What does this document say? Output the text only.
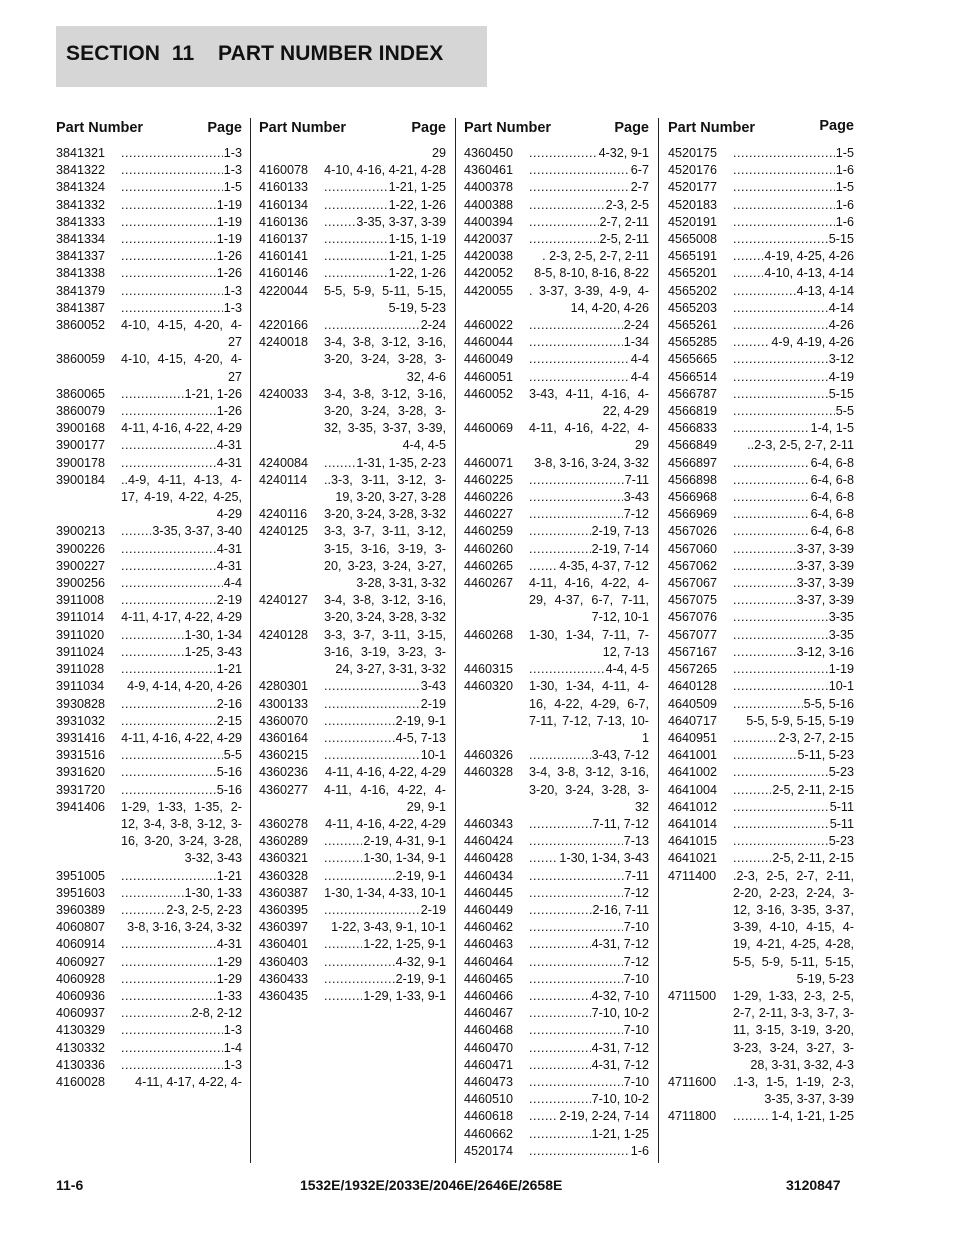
SECTION  11    PART NUMBER INDEX
Part Number	Page
3841321 .....	1-3
3841322 .....	1-3
3841324 .....	1-5
3841332 .....	1-19
3841333 .....	1-19
3841334 .....	1-19
3841337 .....	1-26
3841338 .....	1-26
3841379 .....	1-3
3841387 .....	1-3
3860052 4-10, 4-15, 4-20, 4-27
3860059 4-10, 4-15, 4-20, 4-27
3860065 .....	1-21, 1-26
3860079 .....	1-26
3900168 4-11, 4-16, 4-22, 4-29
3900177 .....	4-31
3900178 .....	4-31
3900184 ..4-9, 4-11, 4-13, 4-17, 4-19, 4-22, 4-25, 4-29
3900213 .....	3-35, 3-37, 3-40
3900226 .....	4-31
3900227 .....	4-31
3900256 .....	4-4
3911008 .....	2-19
3911014 4-11, 4-17, 4-22, 4-29
3911020 .....	1-30, 1-34
3911024 .....	1-25, 3-43
3911028 .....	1-21
3911034	4-9, 4-14, 4-20, 4-26
3930828 .....	2-16
3931032 .....	2-15
3931416 4-11, 4-16, 4-22, 4-29
3931516 .....	5-5
3931620 .....	5-16
3931720 .....	5-16
3941406 1-29, 1-33, 1-35, 2-12, 3-4, 3-8, 3-12, 3-16, 3-20, 3-24, 3-28, 3-32, 3-43
3951005 .....	1-21
3951603 .....	1-30, 1-33
3960389 .....	2-3, 2-5, 2-23
4060807	3-8, 3-16, 3-24, 3-32
4060914 .....	4-31
4060927 .....	1-29
4060928 .....	1-29
4060936 .....	1-33
4060937 .....	2-8, 2-12
4130329 .....	1-3
4130332 .....	1-4
4130336 .....	1-3
4160028	4-11, 4-17, 4-22, 4-
Part Number	Page
29
4160078 4-10, 4-16, 4-21, 4-28
4160133 .....	1-21, 1-25
4160134 .....	1-22, 1-26
4160136 .....	3-35, 3-37, 3-39
4160137 .....	1-15, 1-19
4160141 .....	1-21, 1-25
4160146 .....	1-22, 1-26
4220044 5-5, 5-9, 5-11, 5-15, 5-19, 5-23
4220166 .....	2-24
4240018 3-4, 3-8, 3-12, 3-16, 3-20, 3-24, 3-28, 3-32, 4-6
4240033 3-4, 3-8, 3-12, 3-16, 3-20, 3-24, 3-28, 3-32, 3-35, 3-37, 3-39, 4-4, 4-5
4240084 .....	1-31, 1-35, 2-23
4240114 ..3-3, 3-11, 3-12, 3-19, 3-20, 3-27, 3-28
4240116 3-20, 3-24, 3-28, 3-32
4240125 3-3, 3-7, 3-11, 3-12, 3-15, 3-16, 3-19, 3-20, 3-23, 3-24, 3-27, 3-28, 3-31, 3-32
4240127 3-4, 3-8, 3-12, 3-16, 3-20, 3-24, 3-28, 3-32
4240128 3-3, 3-7, 3-11, 3-15, 3-16, 3-19, 3-23, 3-24, 3-27, 3-31, 3-32
4280301 .....	3-43
4300133 .....	2-19
4360070 .....	2-19, 9-1
4360164 .....	4-5, 7-13
4360215 .....	10-1
4360236 4-11, 4-16, 4-22, 4-29
4360277 4-11, 4-16, 4-22, 4-29, 9-1
4360278 4-11, 4-16, 4-22, 4-29
4360289 .....	2-19, 4-31, 9-1
4360321 .....	1-30, 1-34, 9-1
4360328 .....	2-19, 9-1
4360387 1-30, 1-34, 4-33, 10-1
4360395 .....	2-19
4360397	1-22, 3-43, 9-1, 10-1
4360401 .....	1-22, 1-25, 9-1
4360403 .....	4-32, 9-1
4360433 .....	2-19, 9-1
4360435 .....	1-29, 1-33, 9-1
Part Number	Page
4360450 .....	4-32, 9-1
4360461 .....	6-7
4400378 .....	2-7
4400388 .....	2-3, 2-5
4400394 .....	2-7, 2-11
4420037 .....	2-5, 2-11
4420038	. 2-3, 2-5, 2-7, 2-11
4420052	8-5, 8-10, 8-16, 8-22
4420055 . 3-37, 3-39, 4-9, 4-14, 4-20, 4-26
4460022 .....	2-24
4460044 .....	1-34
4460049 .....	4-4
4460051 .....	4-4
4460052 3-43, 4-11, 4-16, 4-22, 4-29
4460069 4-11, 4-16, 4-22, 4-29
4460071	3-8, 3-16, 3-24, 3-32
4460225 .....	7-11
4460226 .....	3-43
4460227 .....	7-12
4460259 .....	2-19, 7-13
4460260 .....	2-19, 7-14
4460265 .....	4-35, 4-37, 7-12
4460267 4-11, 4-16, 4-22, 4-29, 4-37, 6-7, 7-11, 7-12, 10-1
4460268 1-30, 1-34, 7-11, 7-12, 7-13
4460315 .....	4-4, 4-5
4460320 1-30, 1-34, 4-11, 4-16, 4-22, 4-29, 6-7, 7-11, 7-12, 7-13, 10-1
4460326 .....	3-43, 7-12
4460328 3-4, 3-8, 3-12, 3-16, 3-20, 3-24, 3-28, 3-32
4460343 .....	7-11, 7-12
4460424 .....	7-13
4460428 .....	1-30, 1-34, 3-43
4460434 .....	7-11
4460445 .....	7-12
4460449 .....	2-16, 7-11
4460462 .....	7-10
4460463 .....	4-31, 7-12
4460464 .....	7-12
4460465 .....	7-10
4460466 .....	4-32, 7-10
4460467 .....	7-10, 10-2
4460468 .....	7-10
4460470 .....	4-31, 7-12
4460471 .....	4-31, 7-12
4460473 .....	7-10
4460510 .....	7-10, 10-2
4460618 .....	2-19, 2-24, 7-14
4460662 .....	1-21, 1-25
4520174 .....	1-6
Part Number	Page
4520175 .....	1-5
4520176 .....	1-6
4520177 .....	1-5
4520183 .....	1-6
4520191 .....	1-6
4565008 .....	5-15
4565191 .....	4-19, 4-25, 4-26
4565201 .....	4-10, 4-13, 4-14
4565202 .....	4-13, 4-14
4565203 .....	4-14
4565261 .....	4-26
4565285 .....	4-9, 4-19, 4-26
4565665 .....	3-12
4566514 .....	4-19
4566787 .....	5-15
4566819 .....	5-5
4566833 .....	1-4, 1-5
4566849	..2-3, 2-5, 2-7, 2-11
4566897 .....	6-4, 6-8
4566898 .....	6-4, 6-8
4566968 .....	6-4, 6-8
4566969 .....	6-4, 6-8
4567026 .....	6-4, 6-8
4567060 .....	3-37, 3-39
4567062 .....	3-37, 3-39
4567067 .....	3-37, 3-39
4567075 .....	3-37, 3-39
4567076 .....	3-35
4567077 .....	3-35
4567167 .....	3-12, 3-16
4567265 .....	1-19
4640128 .....	10-1
4640509 .....	5-5, 5-16
4640717	5-5, 5-9, 5-15, 5-19
4640951 .....	2-3, 2-7, 2-15
4641001 .....	5-11, 5-23
4641002 .....	5-23
4641004 .....	2-5, 2-11, 2-15
4641012 .....	5-11
4641014 .....	5-11
4641015 .....	5-23
4641021 .....	2-5, 2-11, 2-15
4711400 .2-3, 2-5, 2-7, 2-11, 2-20, 2-23, 2-24, 3-12, 3-16, 3-35, 3-37, 3-39, 4-10, 4-15, 4-19, 4-21, 4-25, 4-28, 5-5, 5-9, 5-11, 5-15, 5-19, 5-23
4711500 1-29, 1-33, 2-3, 2-5, 2-7, 2-11, 3-3, 3-7, 3-11, 3-15, 3-19, 3-20, 3-23, 3-24, 3-27, 3-28, 3-31, 3-32, 4-3
4711600 .1-3, 1-5, 1-19, 2-3, 3-35, 3-37, 3-39
4711800 .....	1-4, 1-21, 1-25
11-6	1532E/1932E/2033E/2046E/2646E/2658E	3120847
